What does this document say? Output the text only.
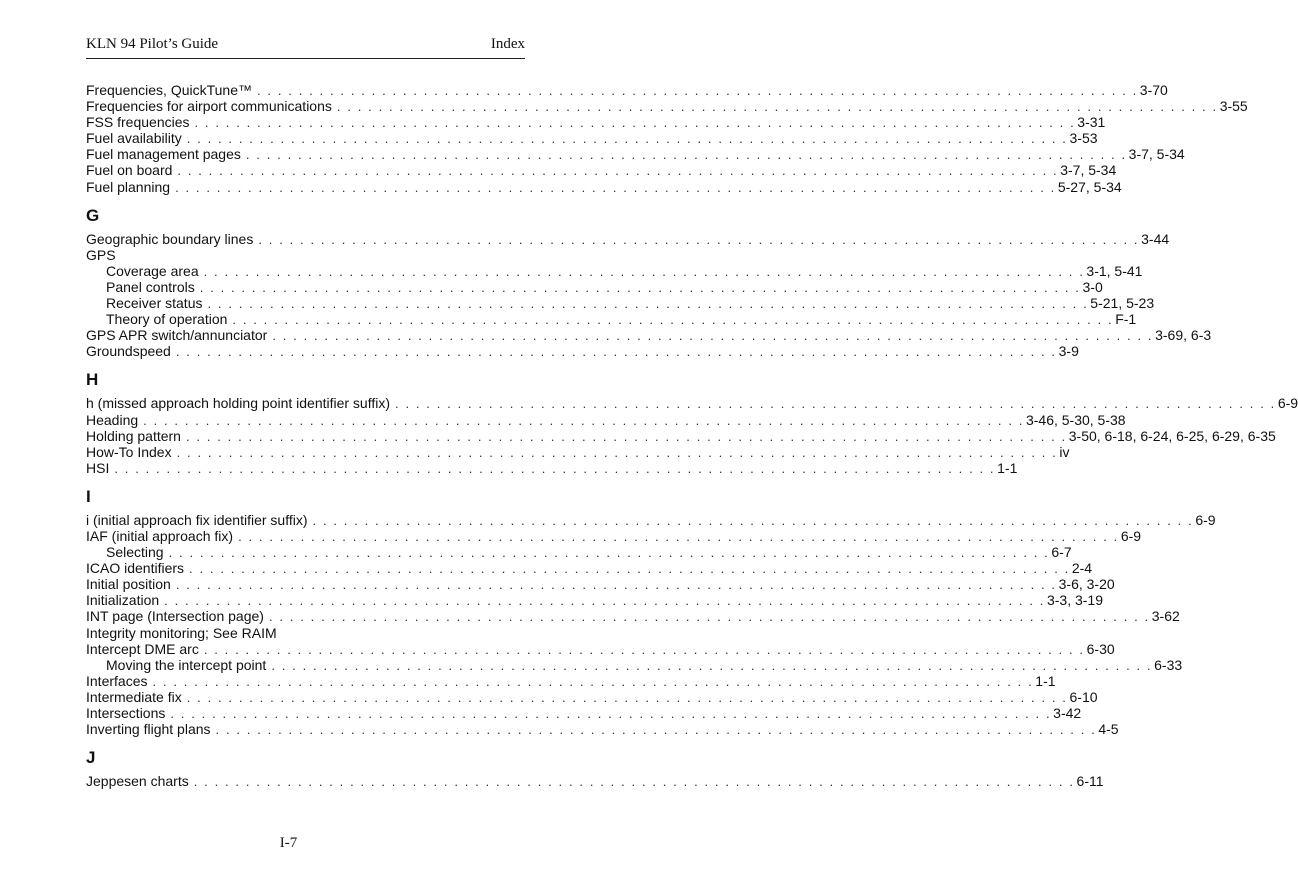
KLN 94 Pilot’s Guide	Index
Frequencies, QuickTune™ . . . . . . . . . . . . . . . . . . . . . . . . . . . . . . . . . . . . . . . . . . . . . . . . . . . . . . . . . . . . . . . . . . . . . . . . . . . . . . . . . . . . . 3-70
Frequencies for airport communications . . . . . . . . . . . . . . . . . . . . . . . . . . . . . . . . . . . . . . . . . . . . . . . . . . . . . . . . . . . . . . . . . . . . . . . . . . . . . . . . . . . . . 3-55
FSS frequencies . . . . . . . . . . . . . . . . . . . . . . . . . . . . . . . . . . . . . . . . . . . . . . . . . . . . . . . . . . . . . . . . . . . . . . . . . . . . . . . . . . . . . 3-31
Fuel availability . . . . . . . . . . . . . . . . . . . . . . . . . . . . . . . . . . . . . . . . . . . . . . . . . . . . . . . . . . . . . . . . . . . . . . . . . . . . . . . . . . . . . 3-53
Fuel management pages . . . . . . . . . . . . . . . . . . . . . . . . . . . . . . . . . . . . . . . . . . . . . . . . . . . . . . . . . . . . . . . . . . . . . . . . . . . . . . . . . . . . . 3-7, 5-34
Fuel on board . . . . . . . . . . . . . . . . . . . . . . . . . . . . . . . . . . . . . . . . . . . . . . . . . . . . . . . . . . . . . . . . . . . . . . . . . . . . . . . . . . . . . 3-7, 5-34
Fuel planning . . . . . . . . . . . . . . . . . . . . . . . . . . . . . . . . . . . . . . . . . . . . . . . . . . . . . . . . . . . . . . . . . . . . . . . . . . . . . . . . . . . . . 5-27, 5-34
G
Geographic boundary lines . . . . . . . . . . . . . . . . . . . . . . . . . . . . . . . . . . . . . . . . . . . . . . . . . . . . . . . . . . . . . . . . . . . . . . . . . . . . . . . . . . . . . 3-44
GPS
Coverage area . . . . . . . . . . . . . . . . . . . . . . . . . . . . . . . . . . . . . . . . . . . . . . . . . . . . . . . . . . . . . . . . . . . . . . . . . . . . . . . . . . . . . 3-1, 5-41
Panel controls . . . . . . . . . . . . . . . . . . . . . . . . . . . . . . . . . . . . . . . . . . . . . . . . . . . . . . . . . . . . . . . . . . . . . . . . . . . . . . . . . . . . . 3-0
Receiver status . . . . . . . . . . . . . . . . . . . . . . . . . . . . . . . . . . . . . . . . . . . . . . . . . . . . . . . . . . . . . . . . . . . . . . . . . . . . . . . . . . . . . 5-21, 5-23
Theory of operation . . . . . . . . . . . . . . . . . . . . . . . . . . . . . . . . . . . . . . . . . . . . . . . . . . . . . . . . . . . . . . . . . . . . . . . . . . . . . . . . . . . . . F-1
GPS APR switch/annunciator . . . . . . . . . . . . . . . . . . . . . . . . . . . . . . . . . . . . . . . . . . . . . . . . . . . . . . . . . . . . . . . . . . . . . . . . . . . . . . . . . . . . . 3-69, 6-3
Groundspeed . . . . . . . . . . . . . . . . . . . . . . . . . . . . . . . . . . . . . . . . . . . . . . . . . . . . . . . . . . . . . . . . . . . . . . . . . . . . . . . . . . . . . 3-9
H
h (missed approach holding point identifier suffix) . . . . . . . . . . . . . . . . . . . . . . . . . . . . . . . . . . . . . . . . . . . . . . . . . . . . . . . . . . . . . . . . . . . . . . . . . . . . . . . . . . . . . 6-9
Heading . . . . . . . . . . . . . . . . . . . . . . . . . . . . . . . . . . . . . . . . . . . . . . . . . . . . . . . . . . . . . . . . . . . . . . . . . . . . . . . . . . . . . 3-46, 5-30, 5-38
Holding pattern . . . . . . . . . . . . . . . . . . . . . . . . . . . . . . . . . . . . . . . . . . . . . . . . . . . . . . . . . . . . . . . . . . . . . . . . . . . . . . . . . . . . . 3-50, 6-18, 6-24, 6-25, 6-29, 6-35
How-To Index . . . . . . . . . . . . . . . . . . . . . . . . . . . . . . . . . . . . . . . . . . . . . . . . . . . . . . . . . . . . . . . . . . . . . . . . . . . . . . . . . . . . . iv
HSI . . . . . . . . . . . . . . . . . . . . . . . . . . . . . . . . . . . . . . . . . . . . . . . . . . . . . . . . . . . . . . . . . . . . . . . . . . . . . . . . . . . . . 1-1
I
i (initial approach fix identifier suffix) . . . . . . . . . . . . . . . . . . . . . . . . . . . . . . . . . . . . . . . . . . . . . . . . . . . . . . . . . . . . . . . . . . . . . . . . . . . . . . . . . . . . . 6-9
IAF (initial approach fix) . . . . . . . . . . . . . . . . . . . . . . . . . . . . . . . . . . . . . . . . . . . . . . . . . . . . . . . . . . . . . . . . . . . . . . . . . . . . . . . . . . . . . 6-9
Selecting . . . . . . . . . . . . . . . . . . . . . . . . . . . . . . . . . . . . . . . . . . . . . . . . . . . . . . . . . . . . . . . . . . . . . . . . . . . . . . . . . . . . . 6-7
ICAO identifiers . . . . . . . . . . . . . . . . . . . . . . . . . . . . . . . . . . . . . . . . . . . . . . . . . . . . . . . . . . . . . . . . . . . . . . . . . . . . . . . . . . . . . 2-4
Initial position . . . . . . . . . . . . . . . . . . . . . . . . . . . . . . . . . . . . . . . . . . . . . . . . . . . . . . . . . . . . . . . . . . . . . . . . . . . . . . . . . . . . . 3-6, 3-20
Initialization . . . . . . . . . . . . . . . . . . . . . . . . . . . . . . . . . . . . . . . . . . . . . . . . . . . . . . . . . . . . . . . . . . . . . . . . . . . . . . . . . . . . . 3-3, 3-19
INT page (Intersection page) . . . . . . . . . . . . . . . . . . . . . . . . . . . . . . . . . . . . . . . . . . . . . . . . . . . . . . . . . . . . . . . . . . . . . . . . . . . . . . . . . . . . . 3-62
Integrity monitoring; See RAIM
Intercept DME arc . . . . . . . . . . . . . . . . . . . . . . . . . . . . . . . . . . . . . . . . . . . . . . . . . . . . . . . . . . . . . . . . . . . . . . . . . . . . . . . . . . . . . 6-30
Moving the intercept point . . . . . . . . . . . . . . . . . . . . . . . . . . . . . . . . . . . . . . . . . . . . . . . . . . . . . . . . . . . . . . . . . . . . . . . . . . . . . . . . . . . . . 6-33
Interfaces . . . . . . . . . . . . . . . . . . . . . . . . . . . . . . . . . . . . . . . . . . . . . . . . . . . . . . . . . . . . . . . . . . . . . . . . . . . . . . . . . . . . . 1-1
Intermediate fix . . . . . . . . . . . . . . . . . . . . . . . . . . . . . . . . . . . . . . . . . . . . . . . . . . . . . . . . . . . . . . . . . . . . . . . . . . . . . . . . . . . . . 6-10
Intersections . . . . . . . . . . . . . . . . . . . . . . . . . . . . . . . . . . . . . . . . . . . . . . . . . . . . . . . . . . . . . . . . . . . . . . . . . . . . . . . . . . . . . 3-42
Inverting flight plans . . . . . . . . . . . . . . . . . . . . . . . . . . . . . . . . . . . . . . . . . . . . . . . . . . . . . . . . . . . . . . . . . . . . . . . . . . . . . . . . . . . . . 4-5
J
Jeppesen charts . . . . . . . . . . . . . . . . . . . . . . . . . . . . . . . . . . . . . . . . . . . . . . . . . . . . . . . . . . . . . . . . . . . . . . . . . . . . . . . . . . . . . 6-11
I-7
